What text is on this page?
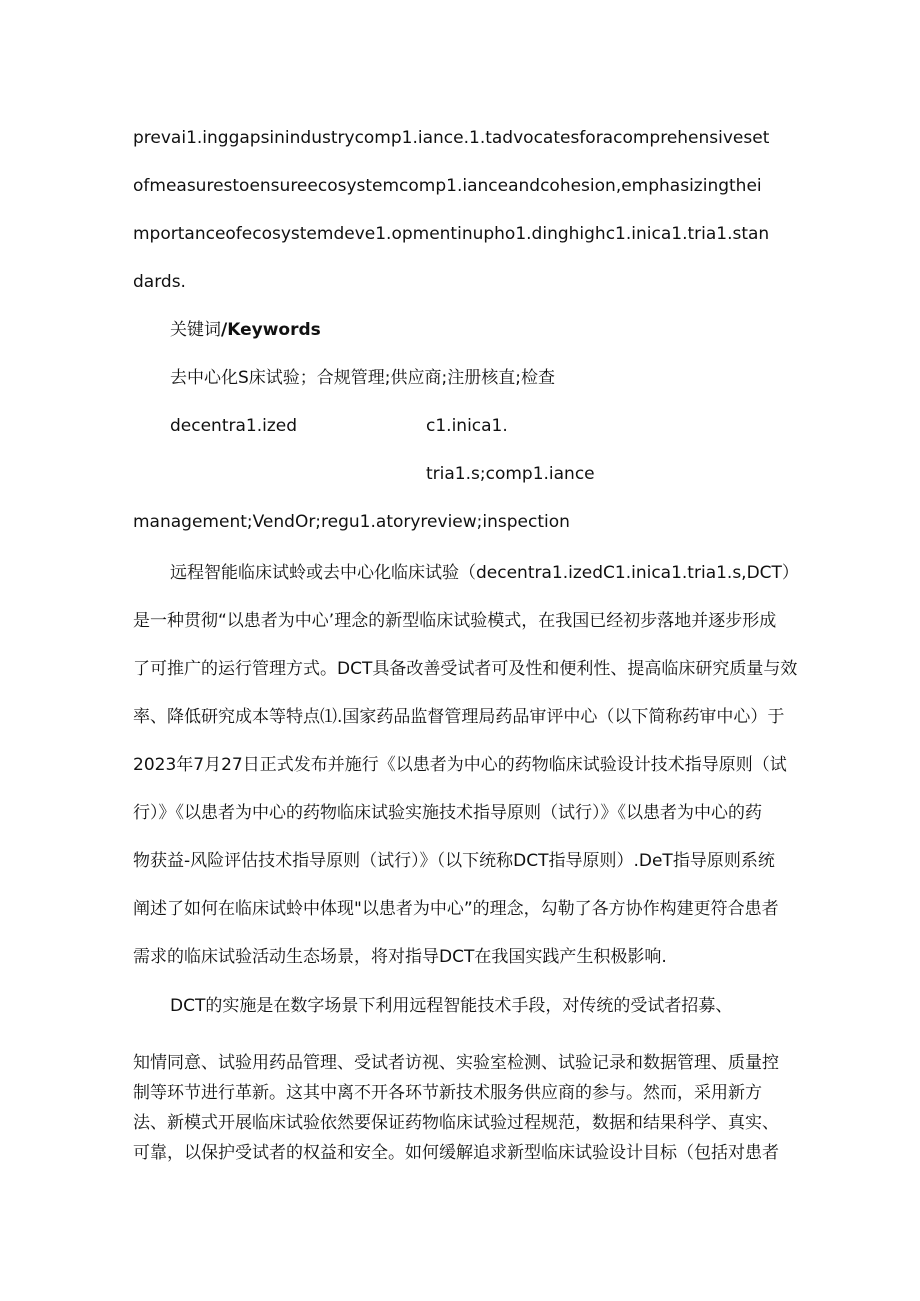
prevai1.inggapsinindustrycomp1.iance.1.tadvocatesforacomprehensiveset
ofmeasurestoensureecosystemcomp1.ianceandcohesion,emphasizingthei
mportanceofecosystemdeve1.opmentinupho1.dinghighc1.inica1.tria1.stan
dards.
关键词/Keywords
去中心化S床试验；合规管理;供应商;注册核直;检查
decentra1.ized	c1.inica1.
tria1.s;comp1.iance
management;VendOr;regu1.atoryreview;inspection
远程智能临床试蛉或去中心化临床试验（decentra1.izedC1.inica1.tria1.s,DCT）
是一种贯彻“以患者为中心’理念的新型临床试验模式，在我国已经初步落地并逐步形成
了可推广的运行管理方式。DCT具备改善受试者可及性和便利性、提高临床研究质量与效
率、降低研究成本等特点⑴.国家药品监督管理局药品审评中心（以下简称药审中心）于
2023年7月27日正式发布并施行《以患者为中心的药物临床试验设计技术指导原则（试
行）》《以患者为中心的药物临床试验实施技术指导原则（试行）》《以患者为中心的药
物获益-风险评估技术指导原则（试行）》（以下统称DCT指导原则）.DeT指导原则系统
阐述了如何在临床试蛉中体现"以患者为中心”的理念，勾勒了各方协作构建更符合患者
需求的临床试验活动生态场景，将对指导DCT在我国实践产生积极影响.
DCT的实施是在数字场景下利用远程智能技术手段，对传统的受试者招募、
知情同意、试验用药品管理、受试者访视、实验室检测、试验记录和数据管理、质量控
制等环节进行革新。这其中离不开各环节新技术服务供应商的参与。然而，采用新方
法、新模式开展临床试验依然要保证药物临床试验过程规范，数据和结果科学、真实、
可靠，以保护受试者的权益和安全。如何缓解追求新型临床试验设计目标（包括对患者
